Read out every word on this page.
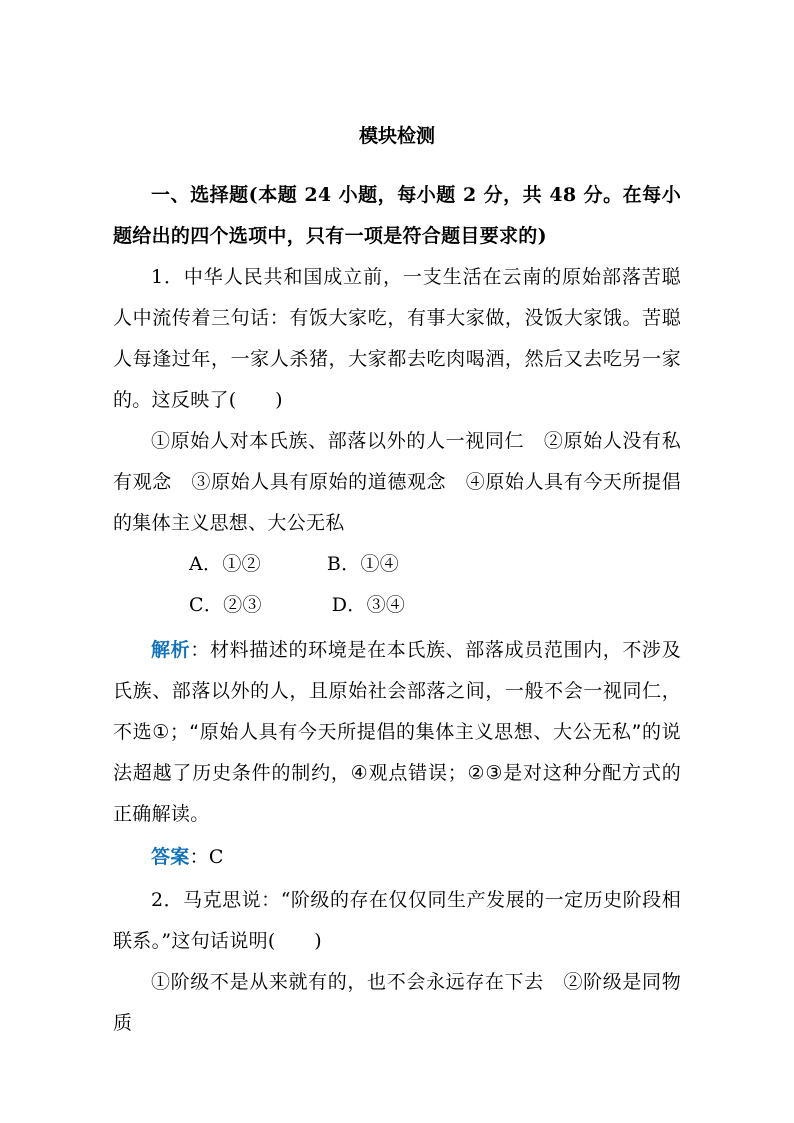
模块检测
一、选择题(本题 24 小题，每小题 2 分，共 48 分。在每小题给出的四个选项中，只有一项是符合题目要求的)
1．中华人民共和国成立前，一支生活在云南的原始部落苦聪人中流传着三句话：有饭大家吃，有事大家做，没饭大家饿。苦聪人每逢过年，一家人杀猪，大家都去吃肉喝酒，然后又去吃另一家的。这反映了(　　)
①原始人对本氏族、部落以外的人一视同仁　②原始人没有私有观念　③原始人具有原始的道德观念　④原始人具有今天所提倡的集体主义思想、大公无私
A．①②	B．①④
C．②③	D．③④
解析：材料描述的环境是在本氏族、部落成员范围内，不涉及氏族、部落以外的人，且原始社会部落之间，一般不会一视同仁，不选①；“原始人具有今天所提倡的集体主义思想、大公无私”的说法超越了历史条件的制约，④观点错误；②③是对这种分配方式的正确解读。
答案：C
2．马克思说：“阶级的存在仅仅同生产发展的一定历史阶段相联系。”这句话说明(　　)
①阶级不是从来就有的，也不会永远存在下去　②阶级是同物质
